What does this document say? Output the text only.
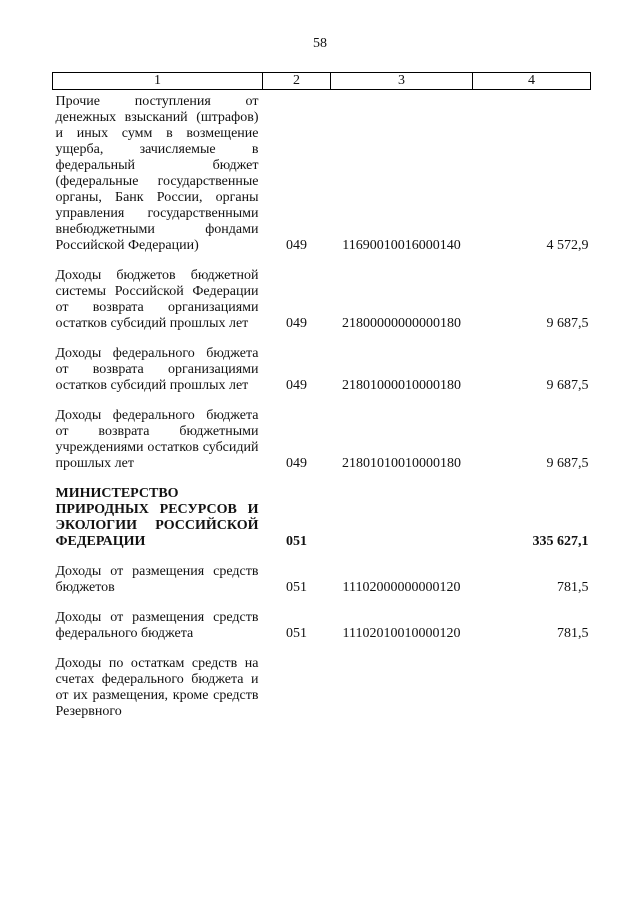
58
1	2	3	4
Прочие поступления от денежных взысканий (штрафов) и иных сумм в возмещение ущерба, зачисляемые в федеральный бюджет (федеральные государственные органы, Банк России, органы управления государственными внебюджетными фондами Российской Федерации)	049	11690010016000140	4 572,9
Доходы бюджетов бюджетной системы Российской Федерации от возврата организациями остатков субсидий прошлых лет	049	21800000000000180	9 687,5
Доходы федерального бюджета от возврата организациями остатков субсидий прошлых лет	049	21801000010000180	9 687,5
Доходы федерального бюджета от возврата бюджетными учреждениями остатков субсидий прошлых лет	049	21801010010000180	9 687,5
МИНИСТЕРСТВО ПРИРОДНЫХ РЕСУРСОВ И ЭКОЛОГИИ РОССИЙСКОЙ ФЕДЕРАЦИИ	051		335 627,1
Доходы от размещения средств бюджетов	051	11102000000000120	781,5
Доходы от размещения средств федерального бюджета	051	11102010010000120	781,5
Доходы по остаткам средств на счетах федерального бюджета и от их размещения, кроме средств Резервного			
